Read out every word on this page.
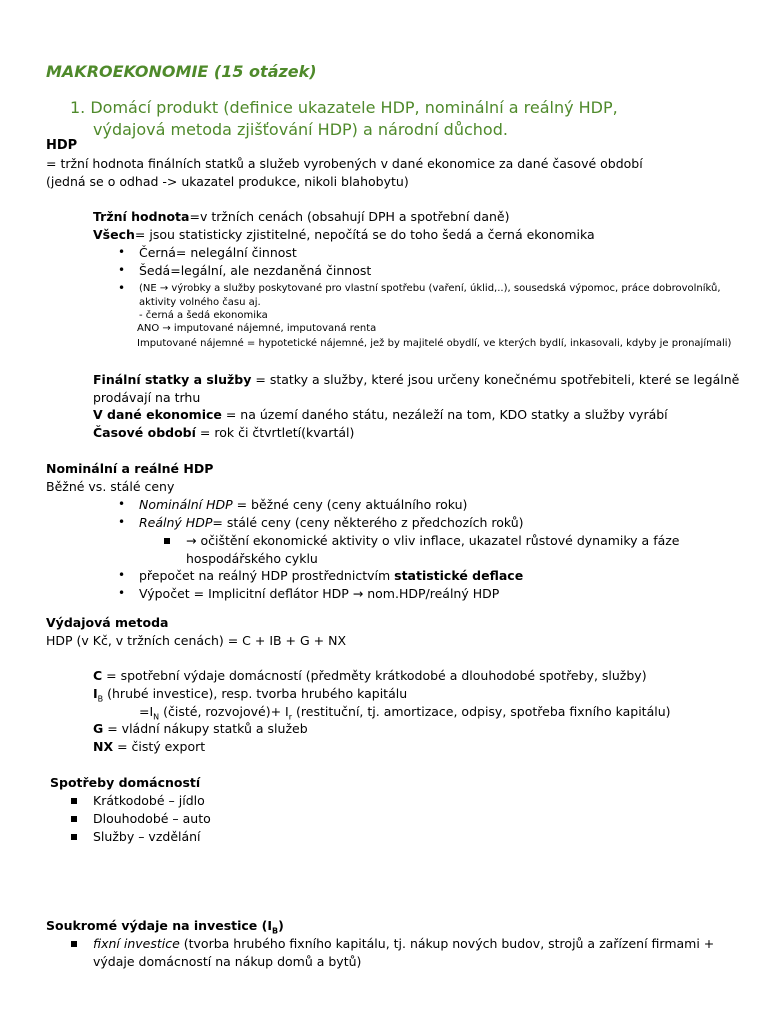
MAKROEKONOMIE (15 otázek)
1. Domácí produkt (definice ukazatele HDP, nominální a reálný HDP,
výdajová metoda zjišťování HDP) a národní důchod.
HDP
= tržní hodnota finálních statků a služeb vyrobených v dané ekonomice za dané časové období
(jedná se o odhad -> ukazatel produkce, nikoli blahobytu)
Tržní hodnota=v tržních cenách (obsahují DPH a spotřební daně)
Všech= jsou statisticky zjistitelné, nepočítá se do toho šedá a černá ekonomika
• Černá= nelegální činnost
• Šedá=legální, ale nezdaněná činnost
• (NE → výrobky a služby poskytované pro vlastní spotřebu (vaření, úklid,..), sousedská výpomoc, práce dobrovolníků,
aktivity volného času aj.
- černá a šedá ekonomika
ANO → imputované nájemné, imputovaná renta
Imputované nájemné = hypotetické nájemné, jež by majitelé obydlí, ve kterých bydlí, inkasovali, kdyby je pronajímali)
Finální statky a služby = statky a služby, které jsou určeny konečnému spotřebiteli, které se legálně
prodávají na trhu
V dané ekonomice = na území daného státu, nezáleží na tom, KDO statky a služby vyrábí
Časové období = rok či čtvrtletí(kvartál)
Nominální a reálné HDP
Běžné vs. stálé ceny
• Nominální HDP = běžné ceny (ceny aktuálního roku)
• Reálný HDP= stálé ceny (ceny některého z předchozích roků)
→ očištění ekonomické aktivity o vliv inflace, ukazatel růstové dynamiky a fáze
hospodářského cyklu
• přepočet na reálný HDP prostřednictvím statistické deflace
• Výpočet = Implicitní deflátor HDP → nom.HDP/reálný HDP
Výdajová metoda
HDP (v Kč, v tržních cenách) = C + IB + G + NX
C = spotřební výdaje domácností (předměty krátkodobé a dlouhodobé spotřeby, služby)
$I_B$ (hrubé investice), resp. tvorba hrubého kapitálu
$=I_N$ (čisté, rozvojové)+ $I_r$ (restituční, tj. amortizace, odpisy, spotřeba fixního kapitálu)
G = vládní nákupy statků a služeb
NX = čistý export
Spotřeby domácností
Krátkodobé – jídlo
Dlouhodobé – auto
Služby – vzdělání
Soukromé výdaje na investice $(I_B)$
fixní investice (tvorba hrubého fixního kapitálu, tj. nákup nových budov, strojů a zařízení firmami +
výdaje domácností na nákup domů a bytů)
